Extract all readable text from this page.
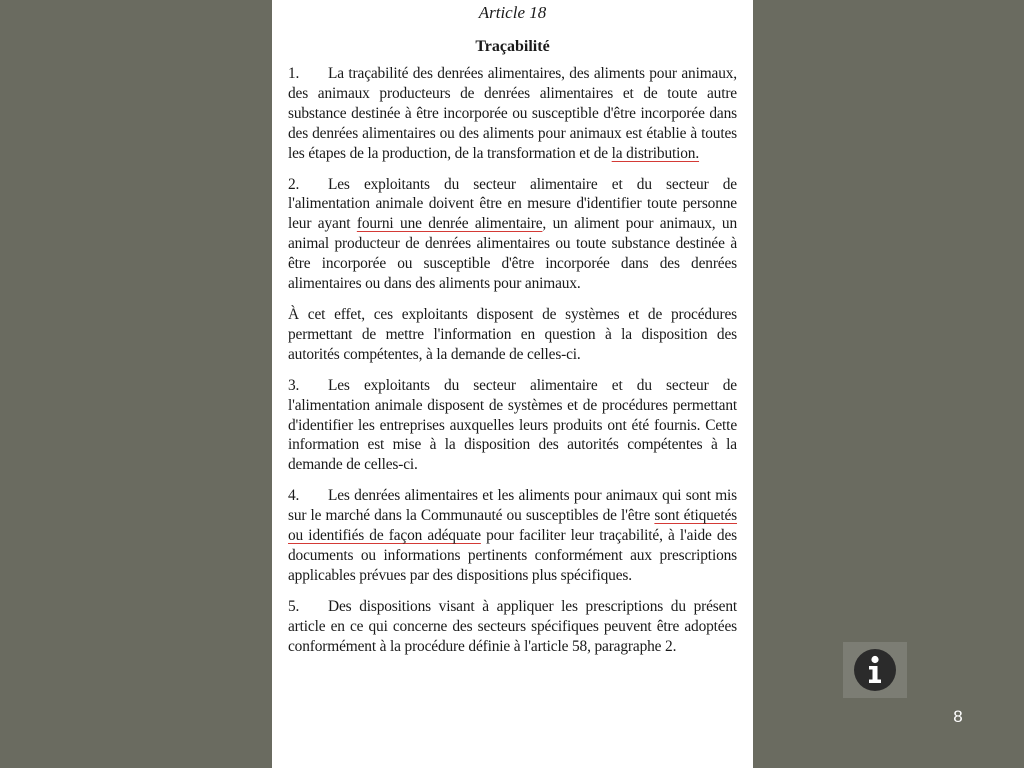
Article 18

Traçabilité

1. La traçabilité des denrées alimentaires, des aliments pour animaux, des animaux producteurs de denrées alimentaires et de toute autre substance destinée à être incorporée ou susceptible d'être incorporée dans des denrées alimentaires ou des aliments pour animaux est établie à toutes les étapes de la production, de la transformation et de la distribution.

2. Les exploitants du secteur alimentaire et du secteur de l'alimentation animale doivent être en mesure d'identifier toute personne leur ayant fourni une denrée alimentaire, un aliment pour animaux, un animal producteur de denrées alimentaires ou toute substance destinée à être incorporée ou susceptible d'être incorporée dans des denrées alimentaires ou dans des aliments pour animaux.

À cet effet, ces exploitants disposent de systèmes et de procédures permettant de mettre l'information en question à la disposition des autorités compétentes, à la demande de celles-ci.

3. Les exploitants du secteur alimentaire et du secteur de l'alimentation animale disposent de systèmes et de procédures permettant d'identifier les entreprises auxquelles leurs produits ont été fournis. Cette information est mise à la disposition des autorités compétentes à la demande de celles-ci.

4. Les denrées alimentaires et les aliments pour animaux qui sont mis sur le marché dans la Communauté ou susceptibles de l'être sont étiquetés ou identifiés de façon adéquate pour faciliter leur traçabilité, à l'aide des documents ou informations pertinents conformément aux prescriptions applicables prévues par des dispositions plus spécifiques.

5. Des dispositions visant à appliquer les prescriptions du présent article en ce qui concerne des secteurs spécifiques peuvent être adoptées conformément à la procédure définie à l'article 58, paragraphe 2.

8
